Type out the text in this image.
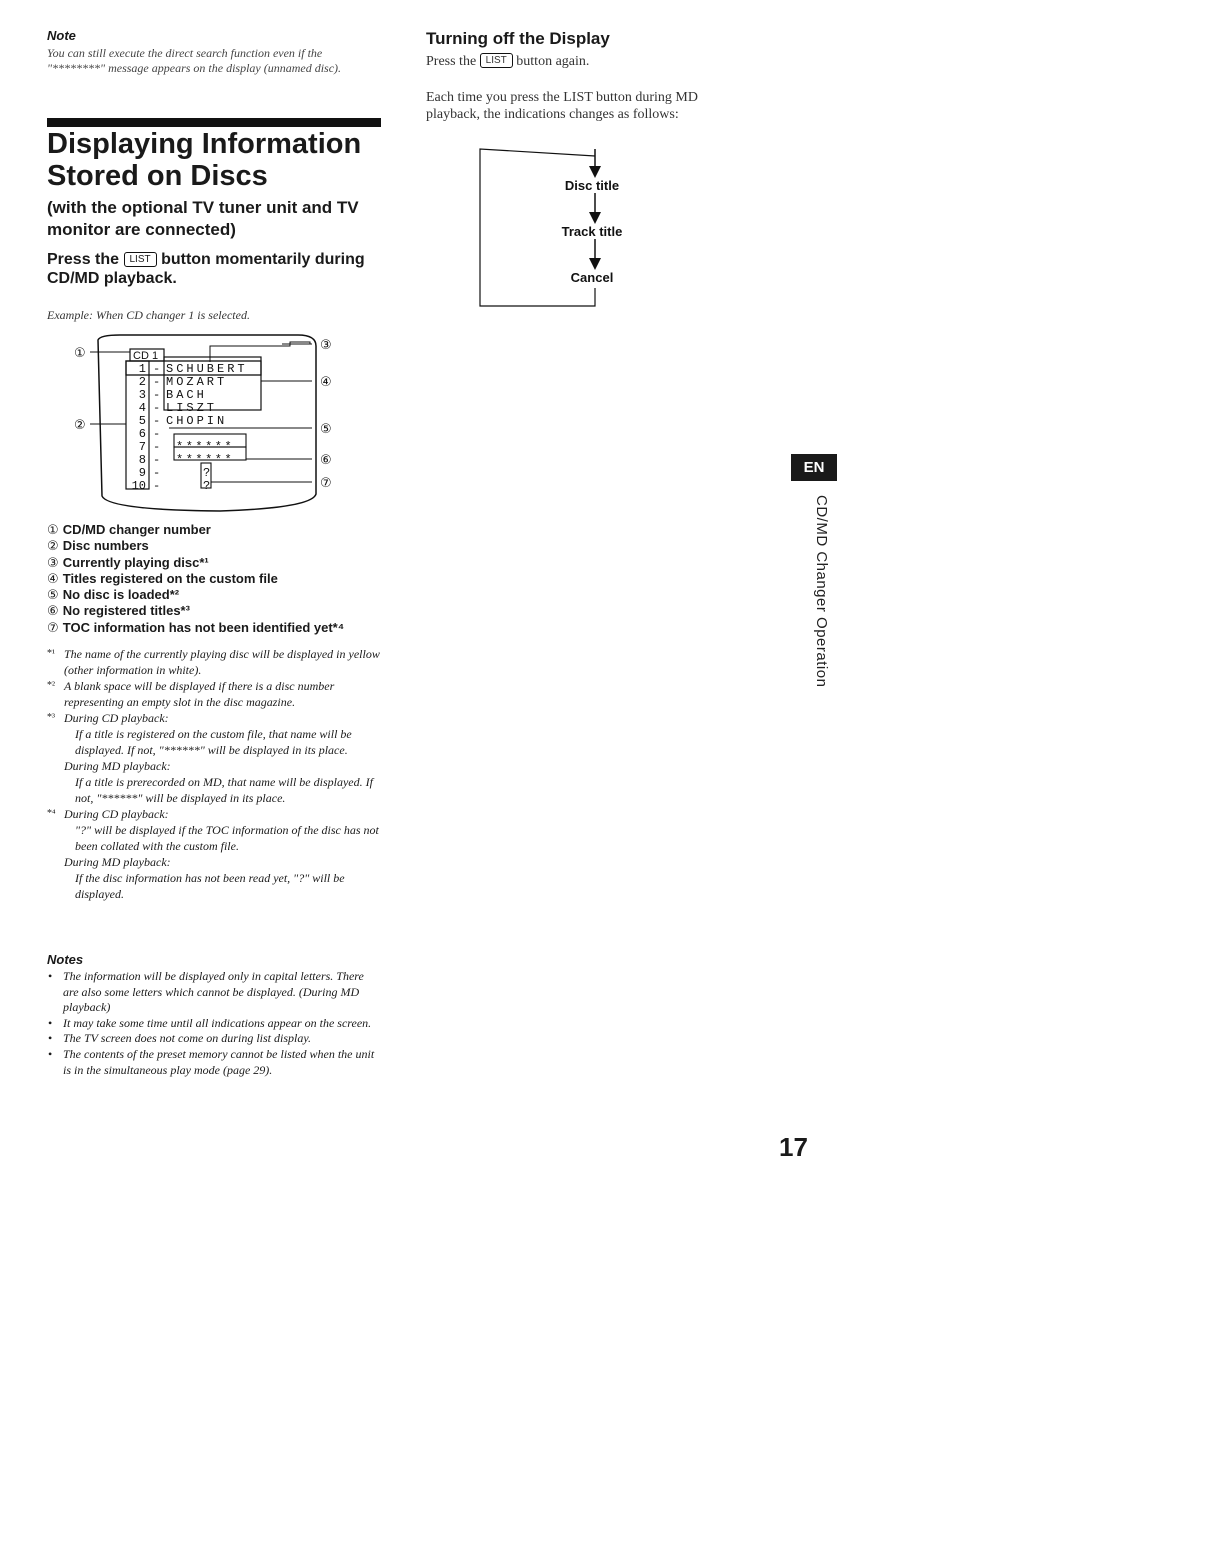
Note
You can still execute the direct search function even if the "********" message appears on the display (unnamed disc).
Displaying Information Stored on Discs
(with the optional TV tuner unit and TV monitor are connected)
Press the LIST button momentarily during CD/MD playback.
Example: When CD changer 1 is selected.
CD 1
1 - SCHUBERT
2 - MOZART
3 - BACH
4 - LISZT
5 - CHOPIN
6 -
7 - ******
8 - ******
9 -	?
10 -	?
①
②
③
④
⑤
⑥
⑦
① CD/MD changer number
② Disc numbers
③ Currently playing disc*¹
④ Titles registered on the custom file
⑤ No disc is loaded*²
⑥ No registered titles*³
⑦ TOC information has not been identified yet*⁴
*¹ The name of the currently playing disc will be displayed in yellow (other information in white).
*² A blank space will be displayed if there is a disc number representing an empty slot in the disc magazine.
*³ During CD playback:
If a title is registered on the custom file, that name will be displayed. If not, "******" will be displayed in its place.
During MD playback:
If a title is prerecorded on MD, that name will be displayed. If not, "******" will be displayed in its place.
*⁴ During CD playback:
"?" will be displayed if the TOC information of the disc has not been collated with the custom file.
During MD playback:
If the disc information has not been read yet, "?" will be displayed.
Notes
• The information will be displayed only in capital letters. There are also some letters which cannot be displayed. (During MD playback)
• It may take some time until all indications appear on the screen.
• The TV screen does not come on during list display.
• The contents of the preset memory cannot be listed when the unit is in the simultaneous play mode (page 29).
Turning off the Display
Press the LIST button again.
Each time you press the LIST button during MD playback, the indications changes as follows:
Disc title
Track title
Cancel
EN
CD/MD Changer Operation
17
